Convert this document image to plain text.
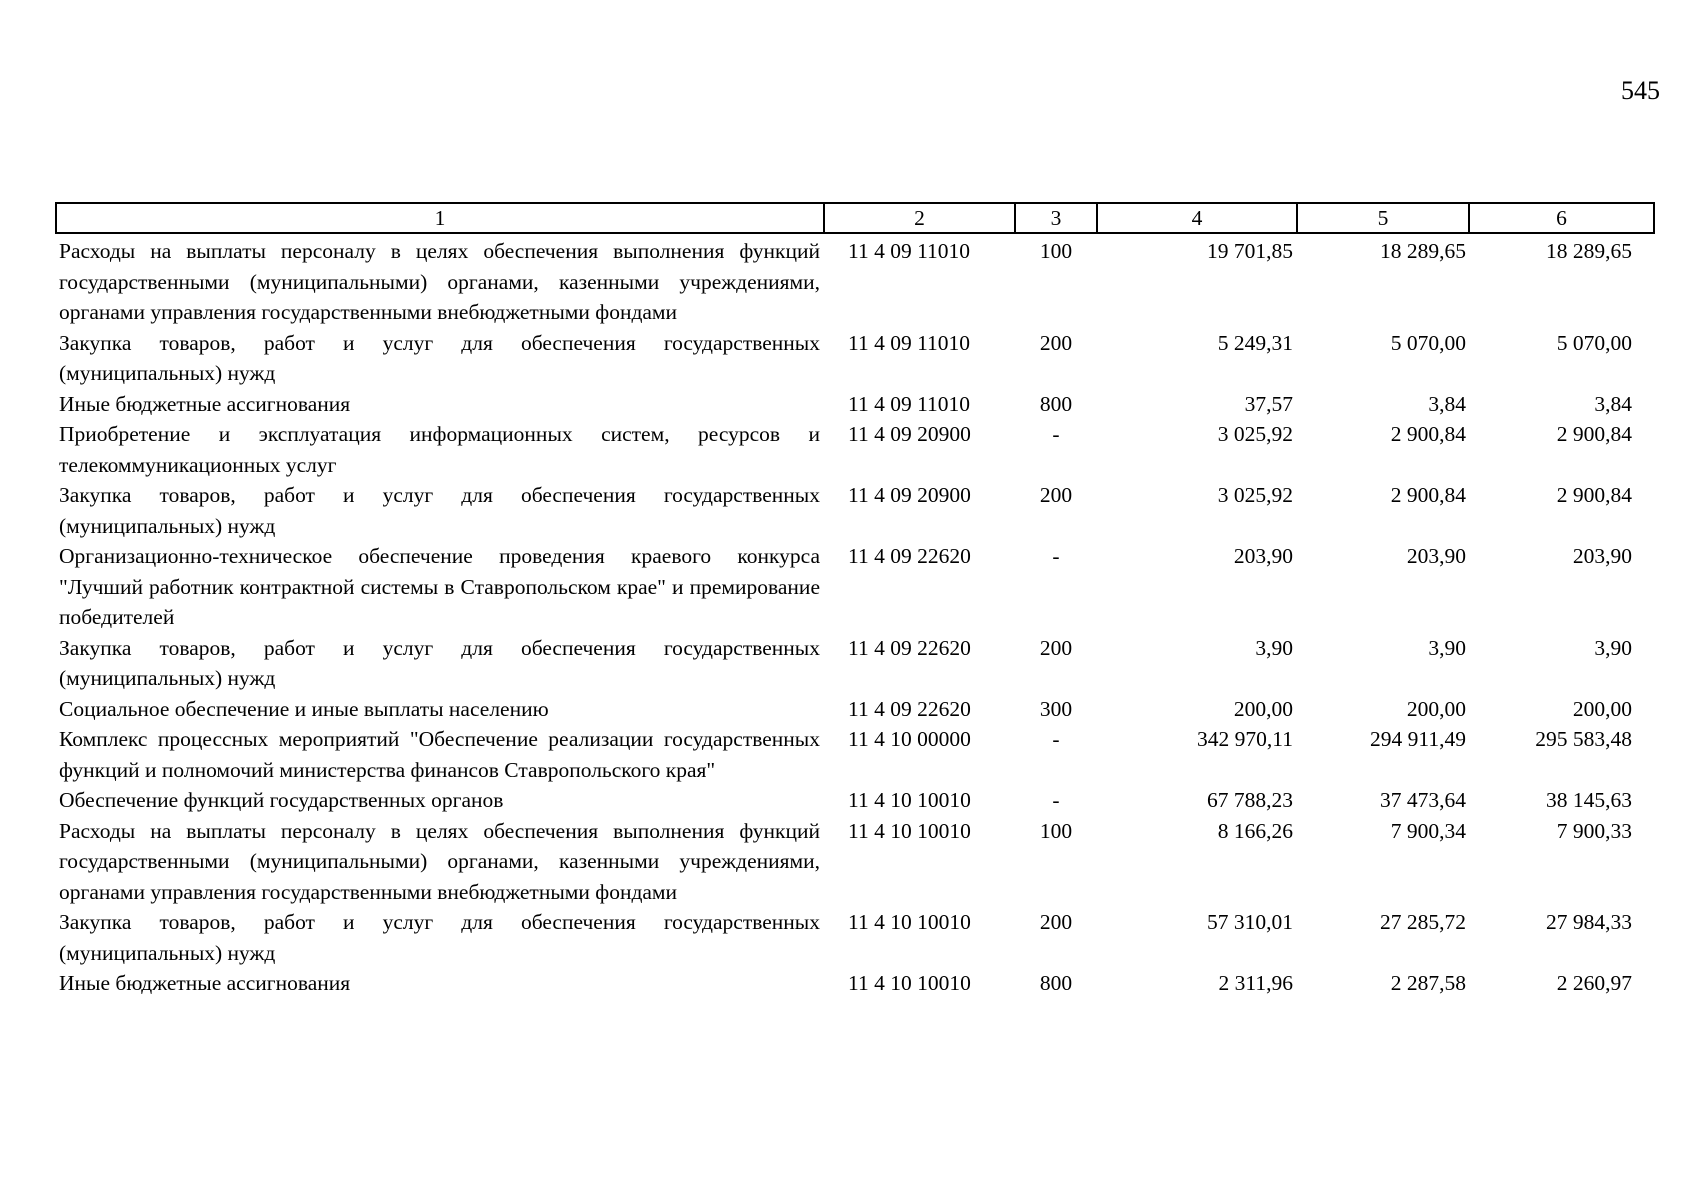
545
1	2	3	4	5	6
Расходы на выплаты персоналу в целях обеспечения выполнения функций государственными (муниципальными) органами, казенными учреждениями, органами управления государственными внебюджетными фондами	11 4 09 11010	100	19 701,85	18 289,65	18 289,65
Закупка товаров, работ и услуг для обеспечения государственных (муниципальных) нужд	11 4 09 11010	200	5 249,31	5 070,00	5 070,00
Иные бюджетные ассигнования	11 4 09 11010	800	37,57	3,84	3,84
Приобретение и эксплуатация информационных систем, ресурсов и телекоммуникационных услуг	11 4 09 20900	-	3 025,92	2 900,84	2 900,84
Закупка товаров, работ и услуг для обеспечения государственных (муниципальных) нужд	11 4 09 20900	200	3 025,92	2 900,84	2 900,84
Организационно-техническое обеспечение проведения краевого конкурса "Лучший работник контрактной системы в Ставропольском крае" и премирование победителей	11 4 09 22620	-	203,90	203,90	203,90
Закупка товаров, работ и услуг для обеспечения государственных (муниципальных) нужд	11 4 09 22620	200	3,90	3,90	3,90
Социальное обеспечение и иные выплаты населению	11 4 09 22620	300	200,00	200,00	200,00
Комплекс процессных мероприятий "Обеспечение реализации государственных функций и полномочий министерства финансов Ставропольского края"	11 4 10 00000	-	342 970,11	294 911,49	295 583,48
Обеспечение функций государственных органов	11 4 10 10010	-	67 788,23	37 473,64	38 145,63
Расходы на выплаты персоналу в целях обеспечения выполнения функций государственными (муниципальными) органами, казенными учреждениями, органами управления государственными внебюджетными фондами	11 4 10 10010	100	8 166,26	7 900,34	7 900,33
Закупка товаров, работ и услуг для обеспечения государственных (муниципальных) нужд	11 4 10 10010	200	57 310,01	27 285,72	27 984,33
Иные бюджетные ассигнования	11 4 10 10010	800	2 311,96	2 287,58	2 260,97
